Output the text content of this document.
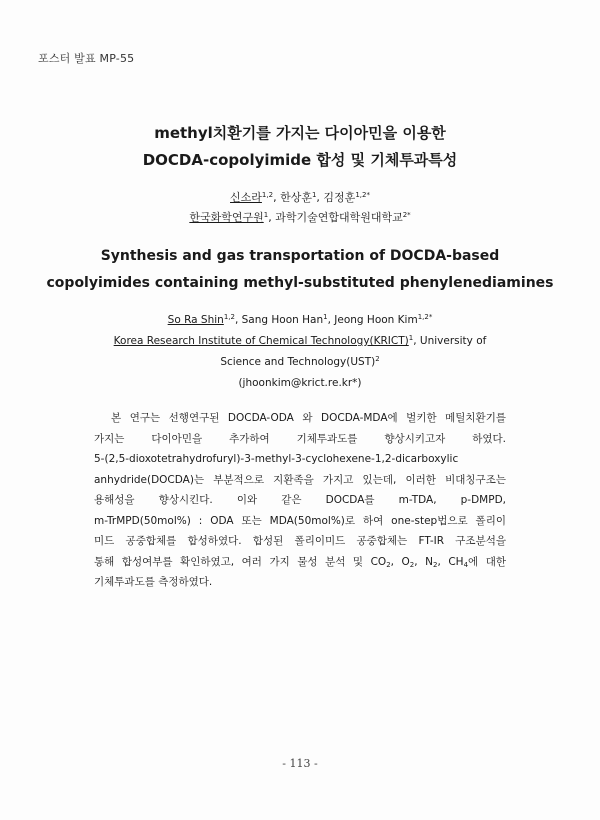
포스터 발표 MP-55
methyl치환기를 가지는 다이아민을 이용한
DOCDA-copolyimide 합성 및 기체투과특성
신소라$^{1,2}$, 한상훈$^1$, 김정훈$^{1,2*}$
한국화학연구원$^1$, 과학기술연합대학원대학교$^{2*}$
Synthesis and gas transportation of DOCDA-based
copolyimides containing methyl-substituted phenylenediamines
So Ra Shin$^{1,2}$, Sang Hoon Han$^1$, Jeong Hoon Kim$^{1,2*}$
Korea Research Institute of Chemical Technology(KRICT)$^1$, University of
Science and Technology(UST)$^2$
(jhoonkim@krict.re.kr*)
본 연구는 선행연구된 DOCDA-ODA 와 DOCDA-MDA에 벌키한 메틸치환기를
가지는 다이아민을 추가하여 기체투과도를 향상시키고자 하였다.
5-(2,5-dioxotetrahydrofuryl)-3-methyl-3-cyclohexene-1,2-dicarboxylic
anhydride(DOCDA)는 부분적으로 지환족을 가지고 있는데, 이러한 비대칭구조는
용해성을 향상시킨다. 이와 같은 DOCDA를 m-TDA, p-DMPD,
m-TrMPD(50mol%) : ODA 또는 MDA(50mol%)로 하여 one-step법으로 폴리이
미드 공중합체를 합성하였다. 합성된 폴리이미드 공중합체는 FT-IR 구조분석을
통해 합성여부를 확인하였고, 여러 가지 물성 분석 및 $CO_2$, $O_2$, $N_2$, $CH_4$에 대한
기체투과도를 측정하였다.
- 113 -
